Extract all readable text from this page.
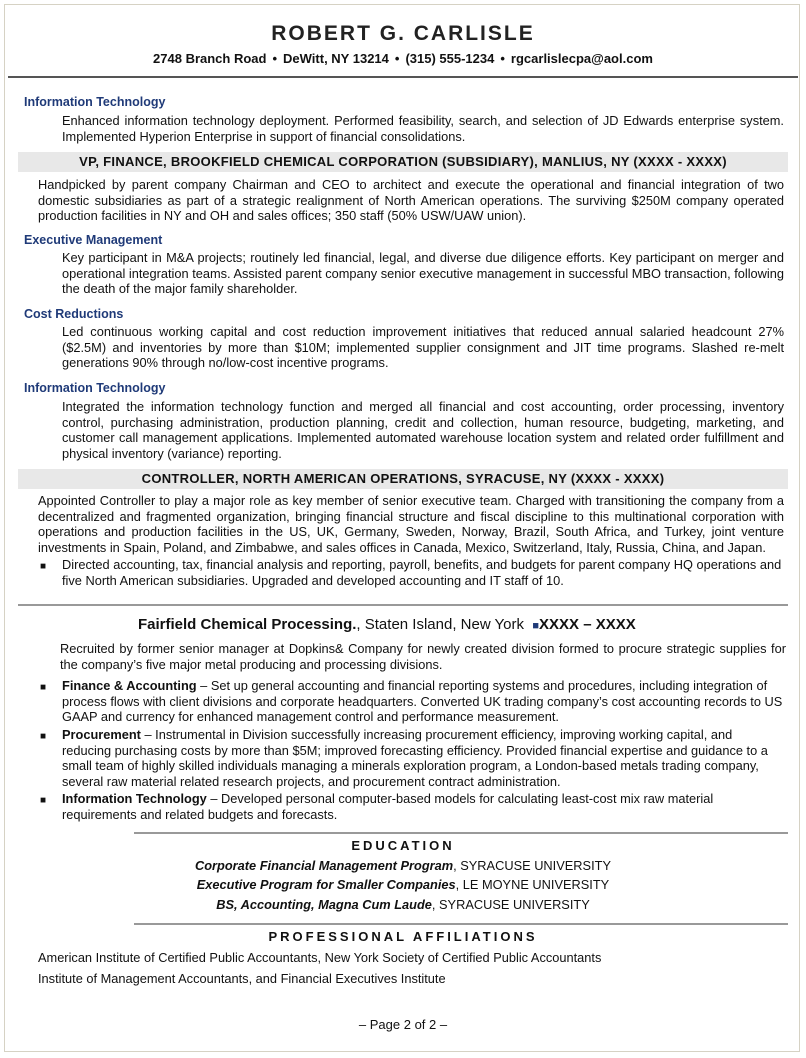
ROBERT G. CARLISLE
2748 Branch Road • DeWitt, NY 13214 • (315) 555-1234 • rgcarlislecpa@aol.com
Information Technology
Enhanced information technology deployment. Performed feasibility, search, and selection of JD Edwards enterprise system. Implemented Hyperion Enterprise in support of financial consolidations.
VP, FINANCE, BROOKFIELD CHEMICAL CORPORATION (SUBSIDIARY), MANLIUS, NY (XXXX - XXXX)
Handpicked by parent company Chairman and CEO to architect and execute the operational and financial integration of two domestic subsidiaries as part of a strategic realignment of North American operations. The surviving $250M company operated production facilities in NY and OH and sales offices; 350 staff (50% USW/UAW union).
Executive Management
Key participant in M&A projects; routinely led financial, legal, and diverse due diligence efforts. Key participant on merger and operational integration teams. Assisted parent company senior executive management in successful MBO transaction, following the death of the major family shareholder.
Cost Reductions
Led continuous working capital and cost reduction improvement initiatives that reduced annual salaried headcount 27% ($2.5M) and inventories by more than $10M; implemented supplier consignment and JIT time programs. Slashed re-melt generations 90% through no/low-cost incentive programs.
Information Technology
Integrated the information technology function and merged all financial and cost accounting, order processing, inventory control, purchasing administration, production planning, credit and collection, human resource, budgeting, marketing, and customer call management applications. Implemented automated warehouse location system and related order fulfillment and physical inventory (variance) reporting.
CONTROLLER, NORTH AMERICAN OPERATIONS, SYRACUSE, NY (XXXX - XXXX)
Appointed Controller to play a major role as key member of senior executive team. Charged with transitioning the company from a decentralized and fragmented organization, bringing financial structure and fiscal discipline to this multinational corporation with operations and production facilities in the US, UK, Germany, Sweden, Norway, Brazil, South Africa, and Turkey, joint venture investments in Spain, Poland, and Zimbabwe, and sales offices in Canada, Mexico, Switzerland, Italy, Russia, China, and Japan.
■ Directed accounting, tax, financial analysis and reporting, payroll, benefits, and budgets for parent company HQ operations and five North American subsidiaries. Upgraded and developed accounting and IT staff of 10.
Fairfield Chemical Processing., Staten Island, New York ■XXXX – XXXX
Recruited by former senior manager at Dopkins& Company for newly created division formed to procure strategic supplies for the company’s five major metal producing and processing divisions.
■ Finance & Accounting – Set up general accounting and financial reporting systems and procedures, including integration of process flows with client divisions and corporate headquarters. Converted UK trading company’s cost accounting records to US GAAP and currency for enhanced management control and performance measurement.
■ Procurement – Instrumental in Division successfully increasing procurement efficiency, improving working capital, and reducing purchasing costs by more than $5M; improved forecasting efficiency. Provided financial expertise and guidance to a small team of highly skilled individuals managing a minerals exploration program, a London-based metals trading company, several raw material related research projects, and procurement contract administration.
■ Information Technology – Developed personal computer-based models for calculating least-cost mix raw material requirements and related budgets and forecasts.
EDUCATION
Corporate Financial Management Program, SYRACUSE UNIVERSITY
Executive Program for Smaller Companies, LE MOYNE UNIVERSITY
BS, Accounting, Magna Cum Laude, SYRACUSE UNIVERSITY
PROFESSIONAL AFFILIATIONS
American Institute of Certified Public Accountants, New York Society of Certified Public Accountants
Institute of Management Accountants, and Financial Executives Institute
– Page 2 of 2 –
